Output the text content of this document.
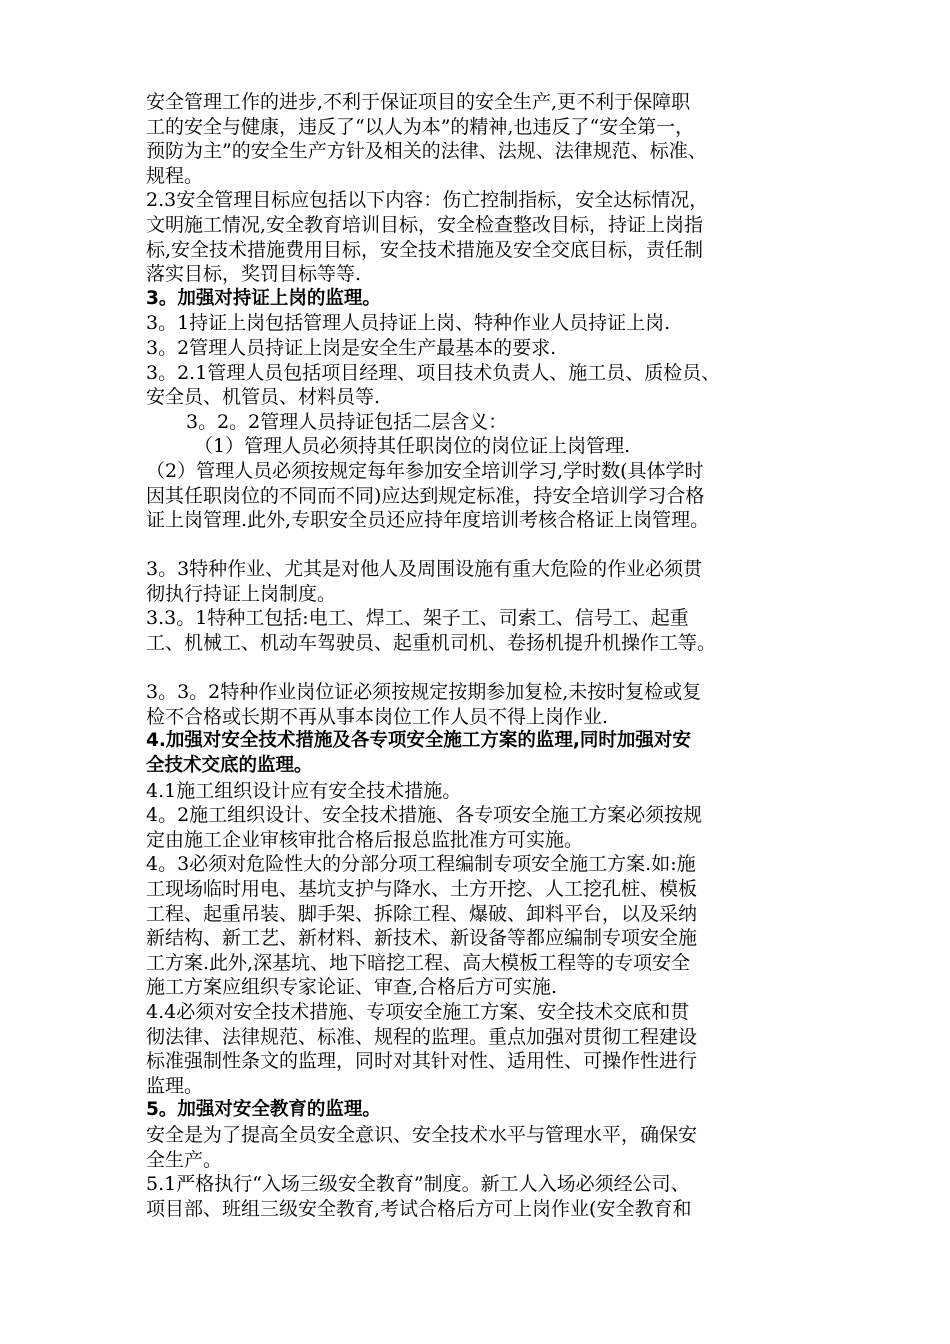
安全管理工作的进步,不利于保证项目的安全生产,更不利于保障职
工的安全与健康，违反了“以人为本”的精神,也违反了“安全第一，
预防为主”的安全生产方针及相关的法律、法规、法律规范、标准、
规程。
2.3安全管理目标应包括以下内容：伤亡控制指标，安全达标情况，
文明施工情况,安全教育培训目标，安全检查整改目标，持证上岗指
标,安全技术措施费用目标，安全技术措施及安全交底目标，责任制
落实目标，奖罚目标等等.
3。加强对持证上岗的监理。
3。1持证上岗包括管理人员持证上岗、特种作业人员持证上岗.
3。2管理人员持证上岗是安全生产最基本的要求.
3。2.1管理人员包括项目经理、项目技术负责人、施工员、质检员、
安全员、机管员、材料员等.
3。2。2管理人员持证包括二层含义：
（1）管理人员必须持其任职岗位的岗位证上岗管理.
（2）管理人员必须按规定每年参加安全培训学习,学时数(具体学时
因其任职岗位的不同而不同)应达到规定标准，持安全培训学习合格
证上岗管理.此外,专职安全员还应持年度培训考核合格证上岗管理。
3。3特种作业、尤其是对他人及周围设施有重大危险的作业必须贯
彻执行持证上岗制度。
3.3。1特种工包括:电工、焊工、架子工、司索工、信号工、起重
工、机械工、机动车驾驶员、起重机司机、卷扬机提升机操作工等。
3。3。2特种作业岗位证必须按规定按期参加复检,未按时复检或复
检不合格或长期不再从事本岗位工作人员不得上岗作业.
4.加强对安全技术措施及各专项安全施工方案的监理,同时加强对安
全技术交底的监理。
4.1施工组织设计应有安全技术措施。
4。2施工组织设计、安全技术措施、各专项安全施工方案必须按规
定由施工企业审核审批合格后报总监批准方可实施。
4。3必须对危险性大的分部分项工程编制专项安全施工方案.如:施
工现场临时用电、基坑支护与降水、土方开挖、人工挖孔桩、模板
工程、起重吊装、脚手架、拆除工程、爆破、卸料平台，以及采纳
新结构、新工艺、新材料、新技术、新设备等都应编制专项安全施
工方案.此外,深基坑、地下暗挖工程、高大模板工程等的专项安全
施工方案应组织专家论证、审查,合格后方可实施.
4.4必须对安全技术措施、专项安全施工方案、安全技术交底和贯
彻法律、法律规范、标准、规程的监理。重点加强对贯彻工程建设
标准强制性条文的监理，同时对其针对性、适用性、可操作性进行
监理。
5。加强对安全教育的监理。
安全是为了提高全员安全意识、安全技术水平与管理水平，确保安
全生产。
5.1严格执行“入场三级安全教育”制度。新工人入场必须经公司、
项目部、班组三级安全教育,考试合格后方可上岗作业(安全教育和
